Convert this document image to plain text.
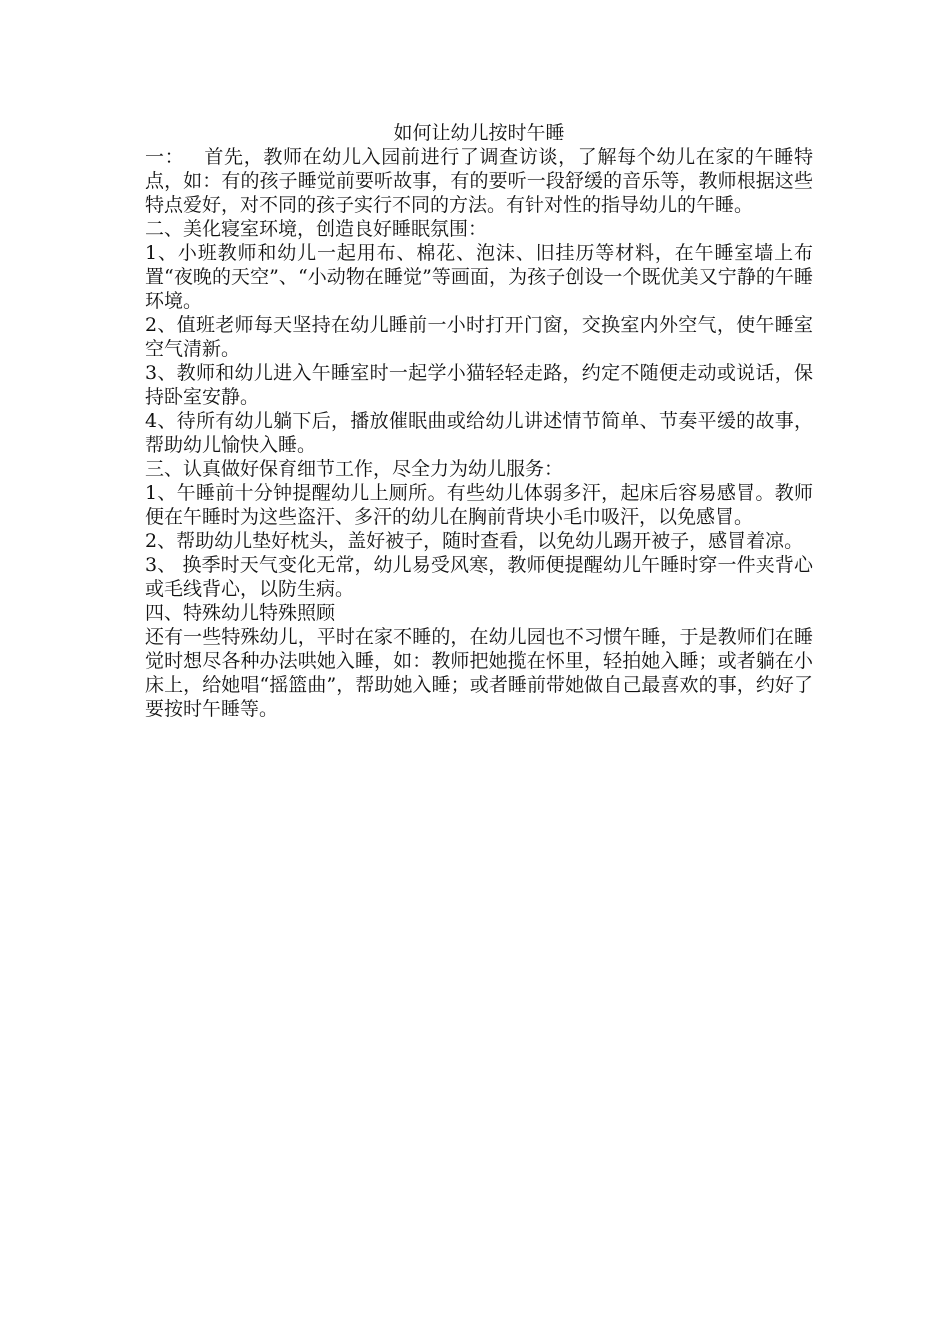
如何让幼儿按时午睡

一：   首先，教师在幼儿入园前进行了调查访谈，了解每个幼儿在家的午睡特点，如：有的孩子睡觉前要听故事，有的要听一段舒缓的音乐等，教师根据这些特点爱好，对不同的孩子实行不同的方法。有针对性的指导幼儿的午睡。

二、美化寝室环境，创造良好睡眠氛围：

1、小班教师和幼儿一起用布、棉花、泡沫、旧挂历等材料，在午睡室墙上布置“夜晚的天空”、“小动物在睡觉”等画面，为孩子创设一个既优美又宁静的午睡环境。

2、值班老师每天坚持在幼儿睡前一小时打开门窗，交换室内外空气，使午睡室空气清新。

3、教师和幼儿进入午睡室时一起学小猫轻轻走路，约定不随便走动或说话，保持卧室安静。

4、待所有幼儿躺下后，播放催眠曲或给幼儿讲述情节简单、节奏平缓的故事，帮助幼儿愉快入睡。

三、认真做好保育细节工作，尽全力为幼儿服务：

1、午睡前十分钟提醒幼儿上厕所。有些幼儿体弱多汗，起床后容易感冒。教师便在午睡时为这些盗汗、多汗的幼儿在胸前背块小毛巾吸汗，以免感冒。

2、帮助幼儿垫好枕头，盖好被子，随时查看，以免幼儿踢开被子，感冒着凉。

3、 换季时天气变化无常，幼儿易受风寒，教师便提醒幼儿午睡时穿一件夹背心或毛线背心，以防生病。

四、特殊幼儿特殊照顾

还有一些特殊幼儿，平时在家不睡的，在幼儿园也不习惯午睡，于是教师们在睡觉时想尽各种办法哄她入睡，如：教师把她揽在怀里，轻拍她入睡；或者躺在小床上，给她唱“摇篮曲”，帮助她入睡；或者睡前带她做自己最喜欢的事，约好了要按时午睡等。
